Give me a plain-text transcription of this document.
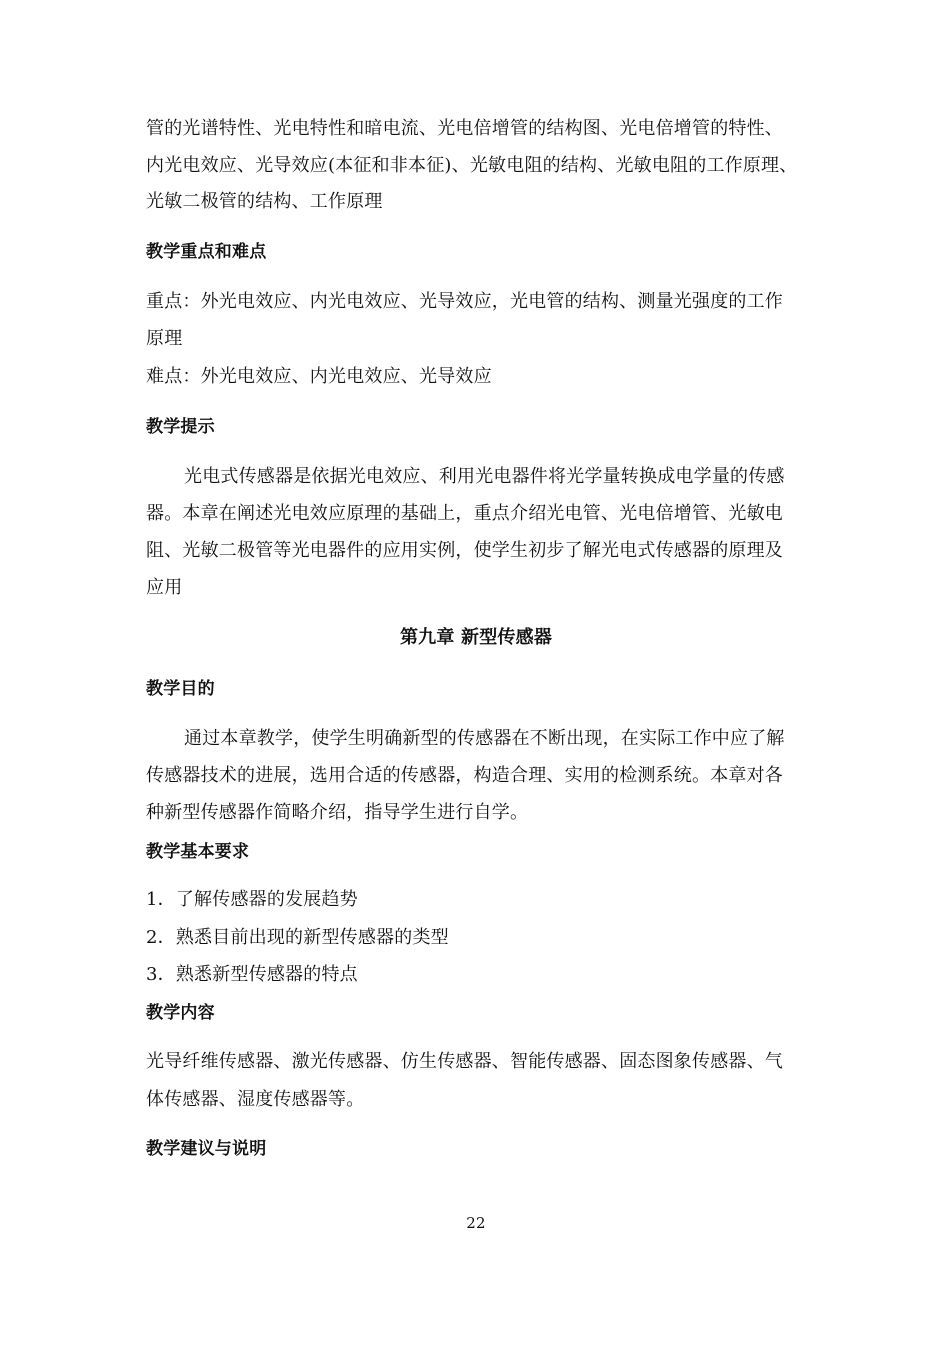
管的光谱特性、光电特性和暗电流、光电倍增管的结构图、光电倍增管的特性、
内光电效应、光导效应(本征和非本征)、光敏电阻的结构、光敏电阻的工作原理、
光敏二极管的结构、工作原理
教学重点和难点
重点：外光电效应、内光电效应、光导效应，光电管的结构、测量光强度的工作
原理
难点：外光电效应、内光电效应、光导效应
教学提示
光电式传感器是依据光电效应、利用光电器件将光学量转换成电学量的传感
器。本章在阐述光电效应原理的基础上，重点介绍光电管、光电倍增管、光敏电
阻、光敏二极管等光电器件的应用实例，使学生初步了解光电式传感器的原理及
应用
第九章 新型传感器
教学目的
通过本章教学，使学生明确新型的传感器在不断出现，在实际工作中应了解
传感器技术的进展，选用合适的传感器，构造合理、实用的检测系统。本章对各
种新型传感器作简略介绍，指导学生进行自学。
教学基本要求
1．了解传感器的发展趋势
2．熟悉目前出现的新型传感器的类型
3．熟悉新型传感器的特点
教学内容
光导纤维传感器、激光传感器、仿生传感器、智能传感器、固态图象传感器、气
体传感器、湿度传感器等。
教学建议与说明
22
